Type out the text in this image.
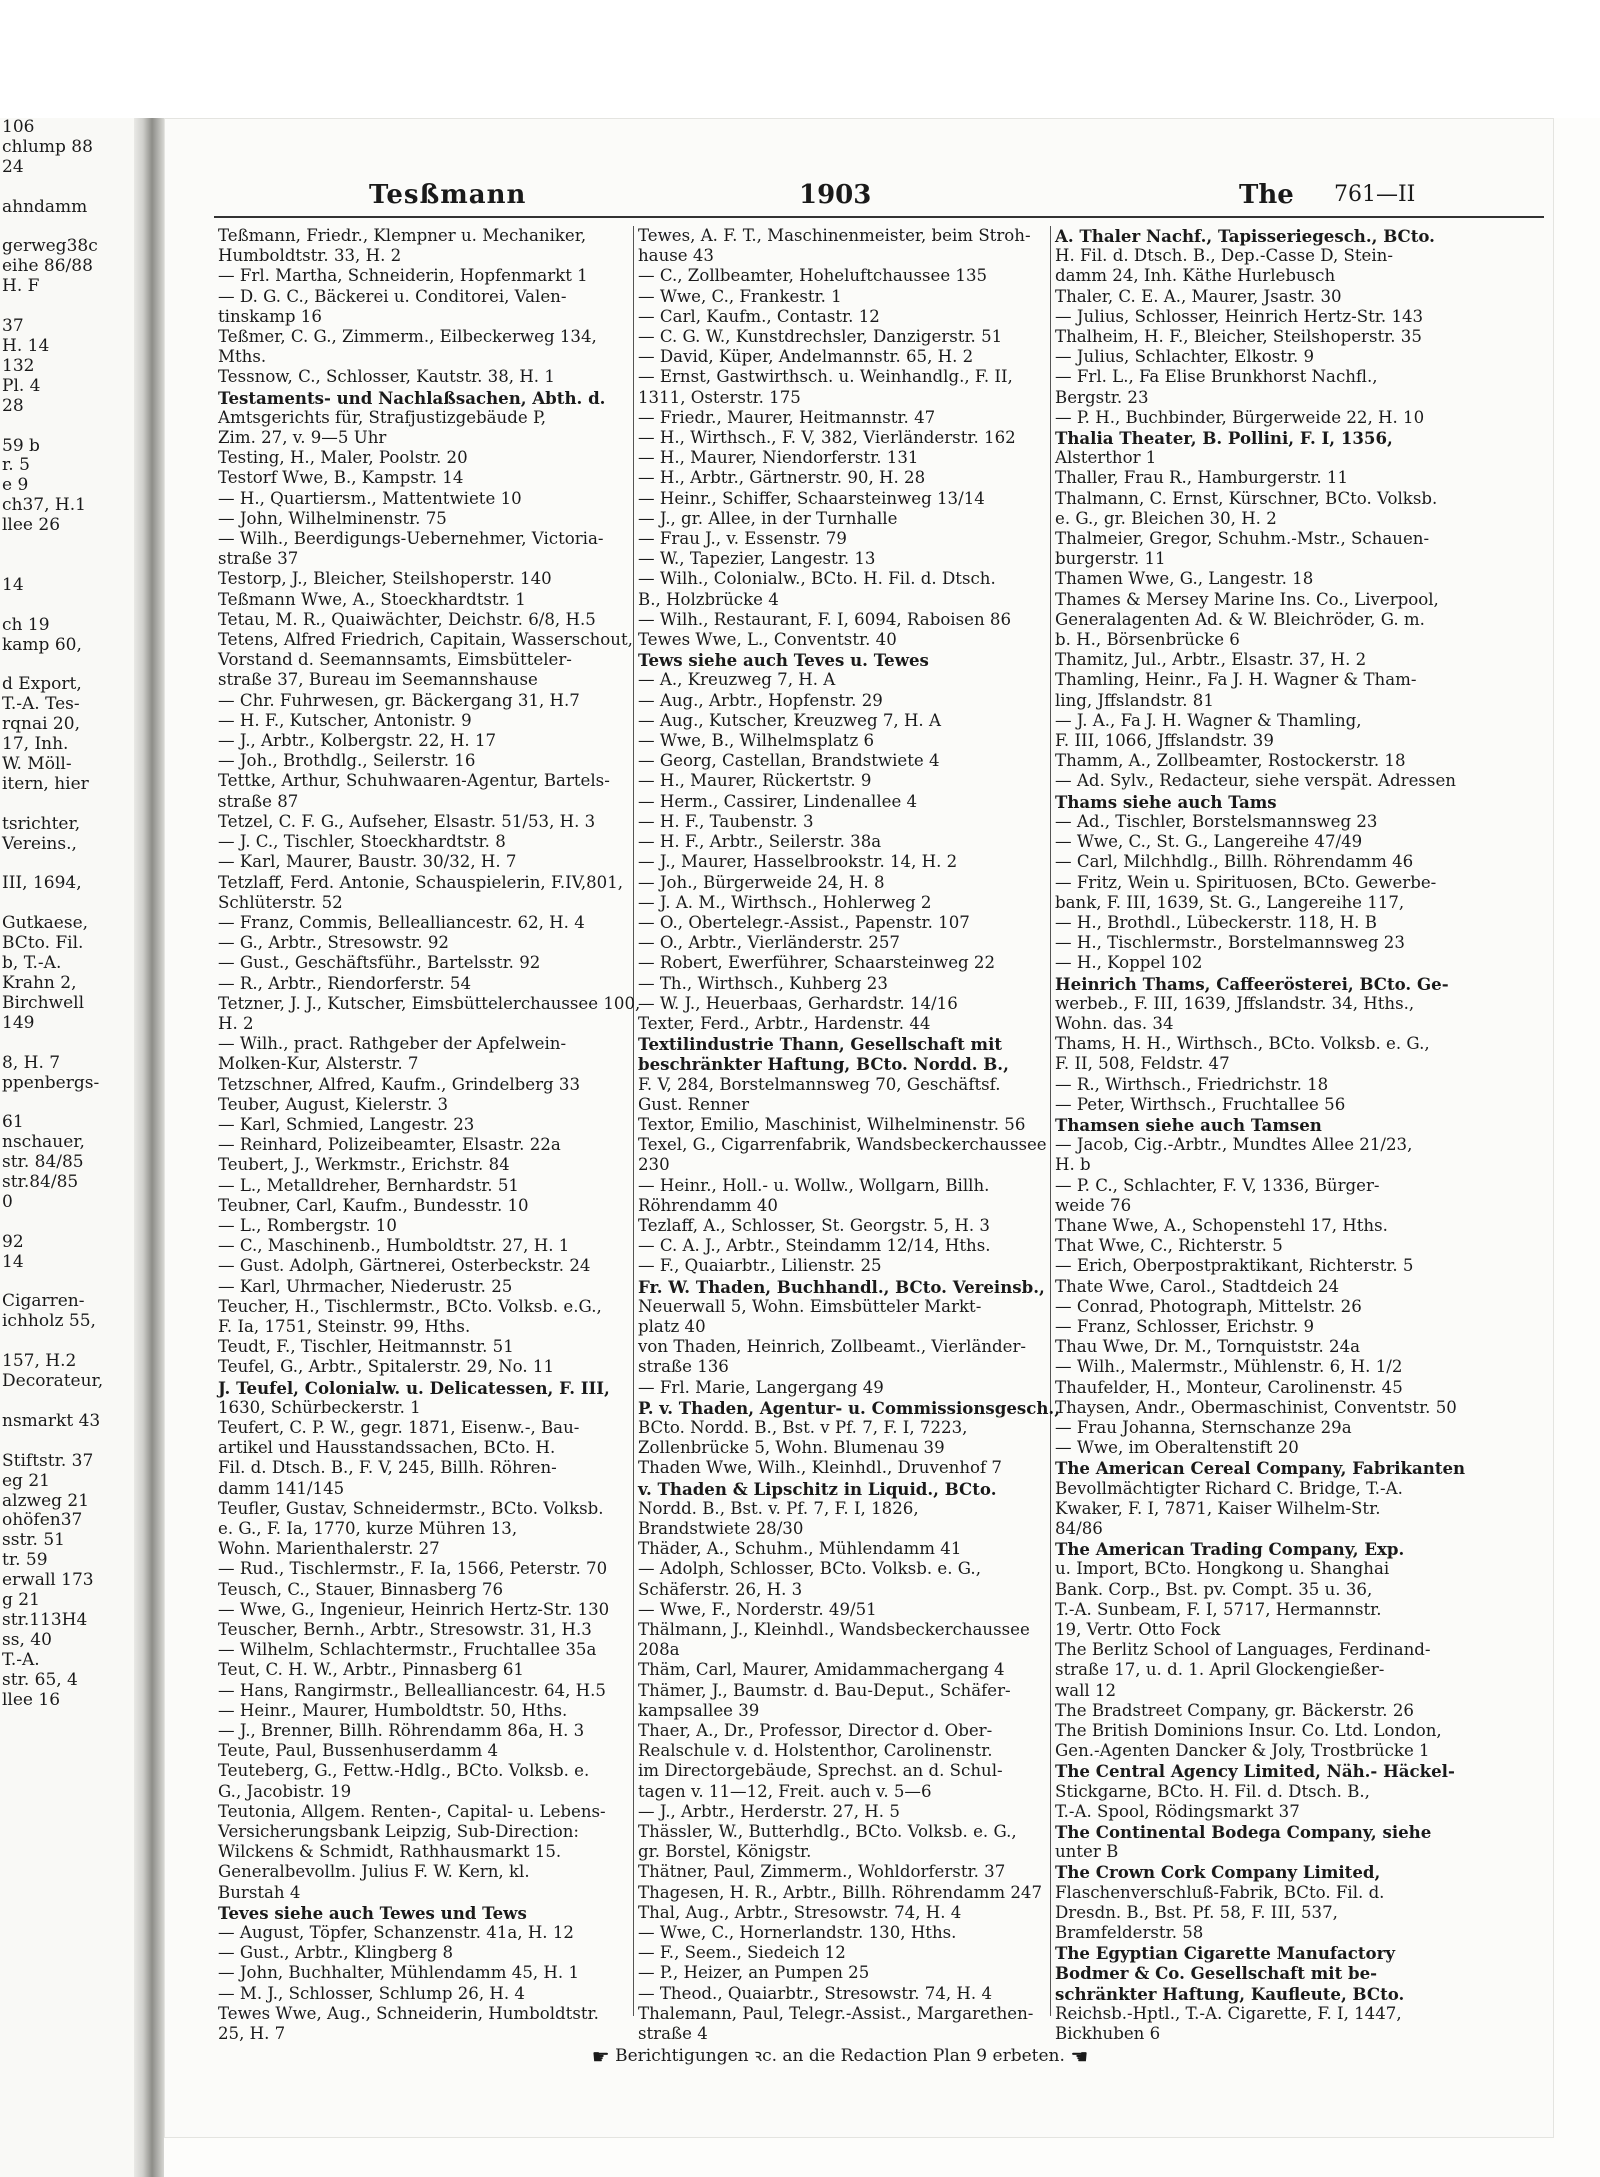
106
chlump 88
24

ahndamm

gerweg38c
eihe 86/88
H. F

37
H. 14
132
Pl. 4
28

59 b
r. 5
e 9
ch37, H.1
llee 26

14

ch 19
kamp 60,

d Export,
T.-A. Tes-
rqnai 20,
17, Inh.
W. Möll-
itern, hier

tsrichter,
Vereins.,

III, 1694,

Gutkaese,
BCto. Fil.
b, T.-A.
Krahn 2,
Birchwell
149

8, H. 7
ppenbergs-

61
nschauer,
str. 84/85
str.84/85
0

92
14

Cigarren-
ichholz 55,

157, H.2
Decorateur,

nsmarkt 43

Stiftstr. 37
eg 21
alzweg 21
ohöfen37
sstr. 51
tr. 59
erwall 173
g 21
str.113H4
ss, 40
T.-A.
str. 65, 4
llee 16
Tesßmann	1903	The 761—II
Teßmann, Friedr., Klempner u. Mechaniker,
Humboldtstr. 33, H. 2
— Frl. Martha, Schneiderin, Hopfenmarkt 1
— D. G. C., Bäckerei u. Conditorei, Valen-
tinskamp 16
Teßmer, C. G., Zimmerm., Eilbeckerweg 134,
Mths.
Tessnow, C., Schlosser, Kautstr. 38, H. 1
Testaments- und Nachlaßsachen, Abth. d.
Amtsgerichts für, Strafjustizgebäude P,
Zim. 27, v. 9—5 Uhr
Testing, H., Maler, Poolstr. 20
Testorf Wwe, B., Kampstr. 14
— H., Quartiersm., Mattentwiete 10
— John, Wilhelminenstr. 75
— Wilh., Beerdigungs-Uebernehmer, Victoria-
straße 37
Testorp, J., Bleicher, Steilshoperstr. 140
Teßmann Wwe, A., Stoeckhardtstr. 1
Tetau, M. R., Quaiwächter, Deichstr. 6/8, H.5
Tetens, Alfred Friedrich, Capitain, Wasserschout,
Vorstand d. Seemannsamts, Eimsbütteler-
straße 37, Bureau im Seemannshause
— Chr. Fuhrwesen, gr. Bäckergang 31, H.7
— H. F., Kutscher, Antonistr. 9
— J., Arbtr., Kolbergstr. 22, H. 17
— Joh., Brothdlg., Seilerstr. 16
Tettke, Arthur, Schuhwaaren-Agentur, Bartels-
straße 87
Tetzel, C. F. G., Aufseher, Elsastr. 51/53, H. 3
— J. C., Tischler, Stoeckhardtstr. 8
— Karl, Maurer, Baustr. 30/32, H. 7
Tetzlaff, Ferd. Antonie, Schauspielerin, F.IV,801,
Schlüterstr. 52
— Franz, Commis, Bellealliancestr. 62, H. 4
— G., Arbtr., Stresowstr. 92
— Gust., Geschäftsführ., Bartelsstr. 92
— R., Arbtr., Riendorferstr. 54
Tetzner, J. J., Kutscher, Eimsbüttelerchaussee 100,
H. 2
— Wilh., pract. Rathgeber der Apfelwein-
Molken-Kur, Alsterstr. 7
Tetzschner, Alfred, Kaufm., Grindelberg 33
Teuber, August, Kielerstr. 3
— Karl, Schmied, Langestr. 23
— Reinhard, Polizeibeamter, Elsastr. 22a
Teubert, J., Werkmstr., Erichstr. 84
— L., Metalldreher, Bernhardstr. 51
Teubner, Carl, Kaufm., Bundesstr. 10
— L., Rombergstr. 10
— C., Maschinenb., Humboldtstr. 27, H. 1
— Gust. Adolph, Gärtnerei, Osterbeckstr. 24
— Karl, Uhrmacher, Niederustr. 25
Teucher, H., Tischlermstr., BCto. Volksb. e.G.,
F. Ia, 1751, Steinstr. 99, Hths.
Teudt, F., Tischler, Heitmannstr. 51
Teufel, G., Arbtr., Spitalerstr. 29, No. 11
J. Teufel, Colonialw. u. Delicatessen, F. III,
1630, Schürbeckerstr. 1
Teufert, C. P. W., gegr. 1871, Eisenw.-, Bau-
artikel und Hausstandssachen, BCto. H.
Fil. d. Dtsch. B., F. V, 245, Billh. Röhren-
damm 141/145
Teufler, Gustav, Schneidermstr., BCto. Volksb.
e. G., F. Ia, 1770, kurze Mühren 13,
Wohn. Marienthalerstr. 27
— Rud., Tischlermstr., F. Ia, 1566, Peterstr. 70
Teusch, C., Stauer, Binnasberg 76
— Wwe, G., Ingenieur, Heinrich Hertz-Str. 130
Teuscher, Bernh., Arbtr., Stresowstr. 31, H.3
— Wilhelm, Schlachtermstr., Fruchtallee 35a
Teut, C. H. W., Arbtr., Pinnasberg 61
— Hans, Rangirmstr., Bellealliancestr. 64, H.5
— Heinr., Maurer, Humboldtstr. 50, Hths.
— J., Brenner, Billh. Röhrendamm 86a, H. 3
Teute, Paul, Bussenhuserdamm 4
Teuteberg, G., Fettw.-Hdlg., BCto. Volksb. e.
G., Jacobistr. 19
Teutonia, Allgem. Renten-, Capital- u. Lebens-
Versicherungsbank Leipzig, Sub-Direction:
Wilckens & Schmidt, Rathhausmarkt 15.
Generalbevollm. Julius F. W. Kern, kl.
Burstah 4
Teves siehe auch Tewes und Tews
— August, Töpfer, Schanzenstr. 41a, H. 12
— Gust., Arbtr., Klingberg 8
— John, Buchhalter, Mühlendamm 45, H. 1
— M. J., Schlosser, Schlump 26, H. 4
Tewes Wwe, Aug., Schneiderin, Humboldtstr.
25, H. 7
Tewes, A. F. T., Maschinenmeister, beim Stroh-
hause 43
— C., Zollbeamter, Hoheluftchaussee 135
— Wwe, C., Frankestr. 1
— Carl, Kaufm., Contastr. 12
— C. G. W., Kunstdrechsler, Danzigerstr. 51
— David, Küper, Andelmannstr. 65, H. 2
— Ernst, Gastwirthsch. u. Weinhandlg., F. II,
1311, Osterstr. 175
— Friedr., Maurer, Heitmannstr. 47
— H., Wirthsch., F. V, 382, Vierländerstr. 162
— H., Maurer, Niendorferstr. 131
— H., Arbtr., Gärtnerstr. 90, H. 28
— Heinr., Schiffer, Schaarsteinweg 13/14
— J., gr. Allee, in der Turnhalle
— Frau J., v. Essenstr. 79
— W., Tapezier, Langestr. 13
— Wilh., Colonialw., BCto. H. Fil. d. Dtsch.
B., Holzbrücke 4
— Wilh., Restaurant, F. I, 6094, Raboisen 86
Tewes Wwe, L., Conventstr. 40
Tews siehe auch Teves u. Tewes
— A., Kreuzweg 7, H. A
— Aug., Arbtr., Hopfenstr. 29
— Aug., Kutscher, Kreuzweg 7, H. A
— Wwe, B., Wilhelmsplatz 6
— Georg, Castellan, Brandstwiete 4
— H., Maurer, Rückertstr. 9
— Herm., Cassirer, Lindenallee 4
— H. F., Taubenstr. 3
— H. F., Arbtr., Seilerstr. 38a
— J., Maurer, Hasselbrookstr. 14, H. 2
— Joh., Bürgerweide 24, H. 8
— J. A. M., Wirthsch., Hohlerweg 2
— O., Obertelegr.-Assist., Papenstr. 107
— O., Arbtr., Vierländerstr. 257
— Robert, Ewerführer, Schaarsteinweg 22
— Th., Wirthsch., Kuhberg 23
— W. J., Heuerbaas, Gerhardstr. 14/16
Texter, Ferd., Arbtr., Hardenstr. 44
Textilindustrie Thann, Gesellschaft mit
beschränkter Haftung, BCto. Nordd. B.,
F. V, 284, Borstelmannsweg 70, Geschäftsf.
Gust. Renner
Textor, Emilio, Maschinist, Wilhelminenstr. 56
Texel, G., Cigarrenfabrik, Wandsbeckerchaussee
230
— Heinr., Holl.- u. Wollw., Wollgarn, Billh.
Röhrendamm 40
Tezlaff, A., Schlosser, St. Georgstr. 5, H. 3
— C. A. J., Arbtr., Steindamm 12/14, Hths.
— F., Quaiarbtr., Lilienstr. 25
Fr. W. Thaden, Buchhandl., BCto. Vereinsb.,
Neuerwall 5, Wohn. Eimsbütteler Markt-
platz 40
von Thaden, Heinrich, Zollbeamt., Vierländer-
straße 136
— Frl. Marie, Langergang 49
P. v. Thaden, Agentur- u. Commissionsgesch.,
BCto. Nordd. B., Bst. v Pf. 7, F. I, 7223,
Zollenbrücke 5, Wohn. Blumenau 39
Thaden Wwe, Wilh., Kleinhdl., Druvenhof 7
v. Thaden & Lipschitz in Liquid., BCto.
Nordd. B., Bst. v. Pf. 7, F. I, 1826,
Brandstwiete 28/30
Thäder, A., Schuhm., Mühlendamm 41
— Adolph, Schlosser, BCto. Volksb. e. G.,
Schäferstr. 26, H. 3
— Wwe, F., Norderstr. 49/51
Thälmann, J., Kleinhdl., Wandsbeckerchaussee
208a
Thäm, Carl, Maurer, Amidammachergang 4
Thämer, J., Baumstr. d. Bau-Deput., Schäfer-
kampsallee 39
Thaer, A., Dr., Professor, Director d. Ober-
Realschule v. d. Holstenthor, Carolinenstr.
im Directorgebäude, Sprechst. an d. Schul-
tagen v. 11—12, Freit. auch v. 5—6
— J., Arbtr., Herderstr. 27, H. 5
Thässler, W., Butterhdlg., BCto. Volksb. e. G.,
gr. Borstel, Königstr.
Thätner, Paul, Zimmerm., Wohldorferstr. 37
Thagesen, H. R., Arbtr., Billh. Röhrendamm 247
Thal, Aug., Arbtr., Stresowstr. 74, H. 4
— Wwe, C., Hornerlandstr. 130, Hths.
— F., Seem., Siedeich 12
— P., Heizer, an Pumpen 25
— Theod., Quaiarbtr., Stresowstr. 74, H. 4
Thalemann, Paul, Telegr.-Assist., Margarethen-
straße 4
A. Thaler Nachf., Tapisseriegesch., BCto.
H. Fil. d. Dtsch. B., Dep.-Casse D, Stein-
damm 24, Inh. Käthe Hurlebusch
Thaler, C. E. A., Maurer, Jsastr. 30
— Julius, Schlosser, Heinrich Hertz-Str. 143
Thalheim, H. F., Bleicher, Steilshoperstr. 35
— Julius, Schlachter, Elkostr. 9
— Frl. L., Fa Elise Brunkhorst Nachfl.,
Bergstr. 23
— P. H., Buchbinder, Bürgerweide 22, H. 10
Thalia Theater, B. Pollini, F. I, 1356,
Alsterthor 1
Thaller, Frau R., Hamburgerstr. 11
Thalmann, C. Ernst, Kürschner, BCto. Volksb.
e. G., gr. Bleichen 30, H. 2
Thalmeier, Gregor, Schuhm.-Mstr., Schauen-
burgerstr. 11
Thamen Wwe, G., Langestr. 18
Thames & Mersey Marine Ins. Co., Liverpool,
Generalagenten Ad. & W. Bleichröder, G. m.
b. H., Börsenbrücke 6
Thamitz, Jul., Arbtr., Elsastr. 37, H. 2
Thamling, Heinr., Fa J. H. Wagner & Tham-
ling, Jffslandstr. 81
— J. A., Fa J. H. Wagner & Thamling,
F. III, 1066, Jffslandstr. 39
Thamm, A., Zollbeamter, Rostockerstr. 18
— Ad. Sylv., Redacteur, siehe verspät. Adressen
Thams siehe auch Tams
— Ad., Tischler, Borstelsmannsweg 23
— Wwe, C., St. G., Langereihe 47/49
— Carl, Milchhdlg., Billh. Röhrendamm 46
— Fritz, Wein u. Spirituosen, BCto. Gewerbe-
bank, F. III, 1639, St. G., Langereihe 117,
— H., Brothdl., Lübeckerstr. 118, H. B
— H., Tischlermstr., Borstelmannsweg 23
— H., Koppel 102
Heinrich Thams, Caffeerösterei, BCto. Ge-
werbeb., F. III, 1639, Jffslandstr. 34, Hths.,
Wohn. das. 34
Thams, H. H., Wirthsch., BCto. Volksb. e. G.,
F. II, 508, Feldstr. 47
— R., Wirthsch., Friedrichstr. 18
— Peter, Wirthsch., Fruchtallee 56
Thamsen siehe auch Tamsen
— Jacob, Cig.-Arbtr., Mundtes Allee 21/23,
H. b
— P. C., Schlachter, F. V, 1336, Bürger-
weide 76
Thane Wwe, A., Schopenstehl 17, Hths.
That Wwe, C., Richterstr. 5
— Erich, Oberpostpraktikant, Richterstr. 5
Thate Wwe, Carol., Stadtdeich 24
— Conrad, Photograph, Mittelstr. 26
— Franz, Schlosser, Erichstr. 9
Thau Wwe, Dr. M., Tornquiststr. 24a
— Wilh., Malermstr., Mühlenstr. 6, H. 1/2
Thaufelder, H., Monteur, Carolinenstr. 45
Thaysen, Andr., Obermaschinist, Conventstr. 50
— Frau Johanna, Sternschanze 29a
— Wwe, im Oberaltenstift 20
The American Cereal Company, Fabrikanten
Bevollmächtigter Richard C. Bridge, T.-A.
Kwaker, F. I, 7871, Kaiser Wilhelm-Str.
84/86
The American Trading Company, Exp.
u. Import, BCto. Hongkong u. Shanghai
Bank. Corp., Bst. pv. Compt. 35 u. 36,
T.-A. Sunbeam, F. I, 5717, Hermannstr.
19, Vertr. Otto Fock
The Berlitz School of Languages, Ferdinand-
straße 17, u. d. 1. April Glockengießer-
wall 12
The Bradstreet Company, gr. Bäckerstr. 26
The British Dominions Insur. Co. Ltd. London,
Gen.-Agenten Dancker & Joly, Trostbrücke 1
The Central Agency Limited, Näh.- Häckel-
Stickgarne, BCto. H. Fil. d. Dtsch. B.,
T.-A. Spool, Rödingsmarkt 37
The Continental Bodega Company, siehe
unter B
The Crown Cork Company Limited,
Flaschenverschluß-Fabrik, BCto. Fil. d.
Dresdn. B., Bst. Pf. 58, F. III, 537,
Bramfelderstr. 58
The Egyptian Cigarette Manufactory
Bodmer & Co. Gesellschaft mit be-
schränkter Haftung, Kaufleute, BCto.
Reichsb.-Hptl., T.-A. Cigarette, F. I, 1447,
Bickhuben 6
☛ Berichtigungen ꝛc. an die Redaction Plan 9 erbeten. ☚
